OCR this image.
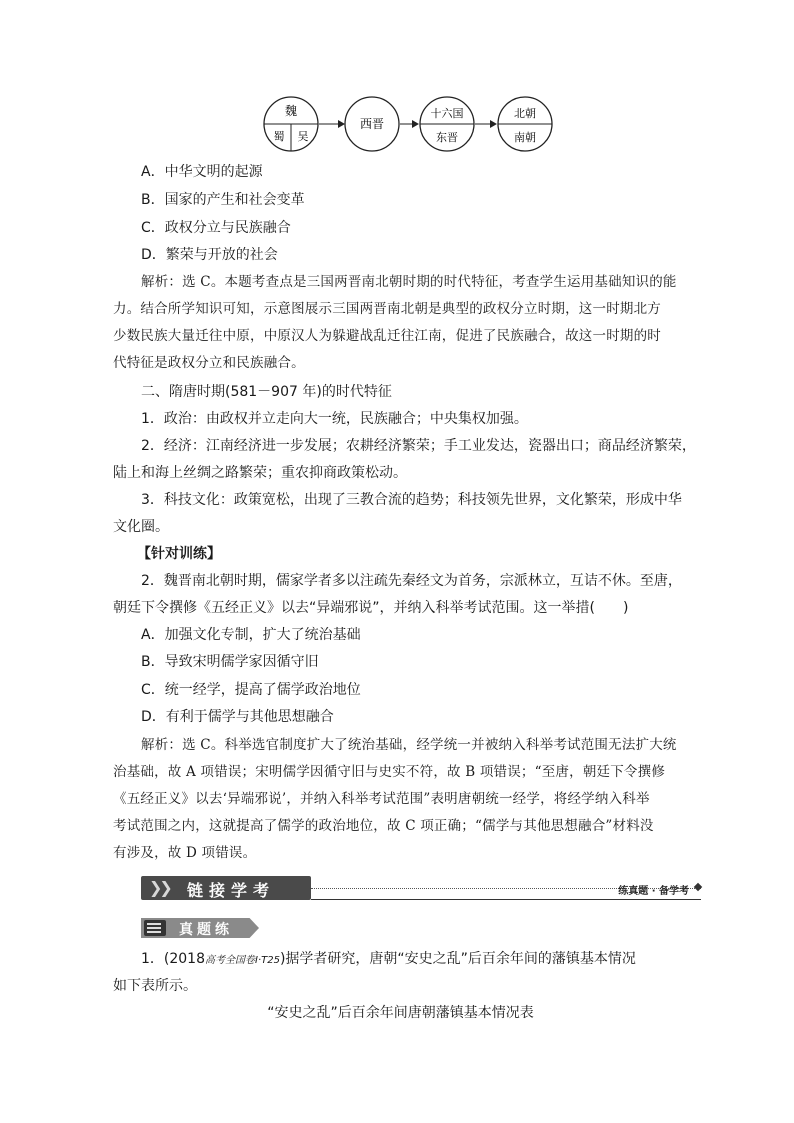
魏
蜀 吴
西晋
十六国
东晋
北朝
南朝
A．中华文明的起源
B．国家的产生和社会变革
C．政权分立与民族融合
D．繁荣与开放的社会
解析：选 C。本题考查点是三国两晋南北朝时期的时代特征，考查学生运用基础知识的能
力。结合所学知识可知，示意图展示三国两晋南北朝是典型的政权分立时期，这一时期北方
少数民族大量迁往中原，中原汉人为躲避战乱迁往江南，促进了民族融合，故这一时期的时
代特征是政权分立和民族融合。
二、隋唐时期(581－907 年)的时代特征
1．政治：由政权并立走向大一统，民族融合；中央集权加强。
2．经济：江南经济进一步发展；农耕经济繁荣；手工业发达，瓷器出口；商品经济繁荣，
陆上和海上丝绸之路繁荣；重农抑商政策松动。
3．科技文化：政策宽松，出现了三教合流的趋势；科技领先世界，文化繁荣，形成中华
文化圈。
【针对训练】
2．魏晋南北朝时期，儒家学者多以注疏先秦经文为首务，宗派林立，互诘不休。至唐，
朝廷下令撰修《五经正义》以去“异端邪说”，并纳入科举考试范围。这一举措(　　)
A．加强文化专制，扩大了统治基础
B．导致宋明儒学家因循守旧
C．统一经学，提高了儒学政治地位
D．有利于儒学与其他思想融合
解析：选 C。科举选官制度扩大了统治基础，经学统一并被纳入科举考试范围无法扩大统
治基础，故 A 项错误；宋明儒学因循守旧与史实不符，故 B 项错误；“至唐，朝廷下令撰修
《五经正义》以去‘异端邪说’，并纳入科举考试范围”表明唐朝统一经学，将经学纳入科举
考试范围之内，这就提高了儒学的政治地位，故 C 项正确；“儒学与其他思想融合”材料没
有涉及，故 D 项错误。
❯❯ 链接学考	练真题 · 备学考
真题练
1．(2018高考全国卷Ⅰ·T25)据学者研究，唐朝“安史之乱”后百余年间的藩镇基本情况
如下表所示。
“安史之乱”后百余年间唐朝藩镇基本情况表
